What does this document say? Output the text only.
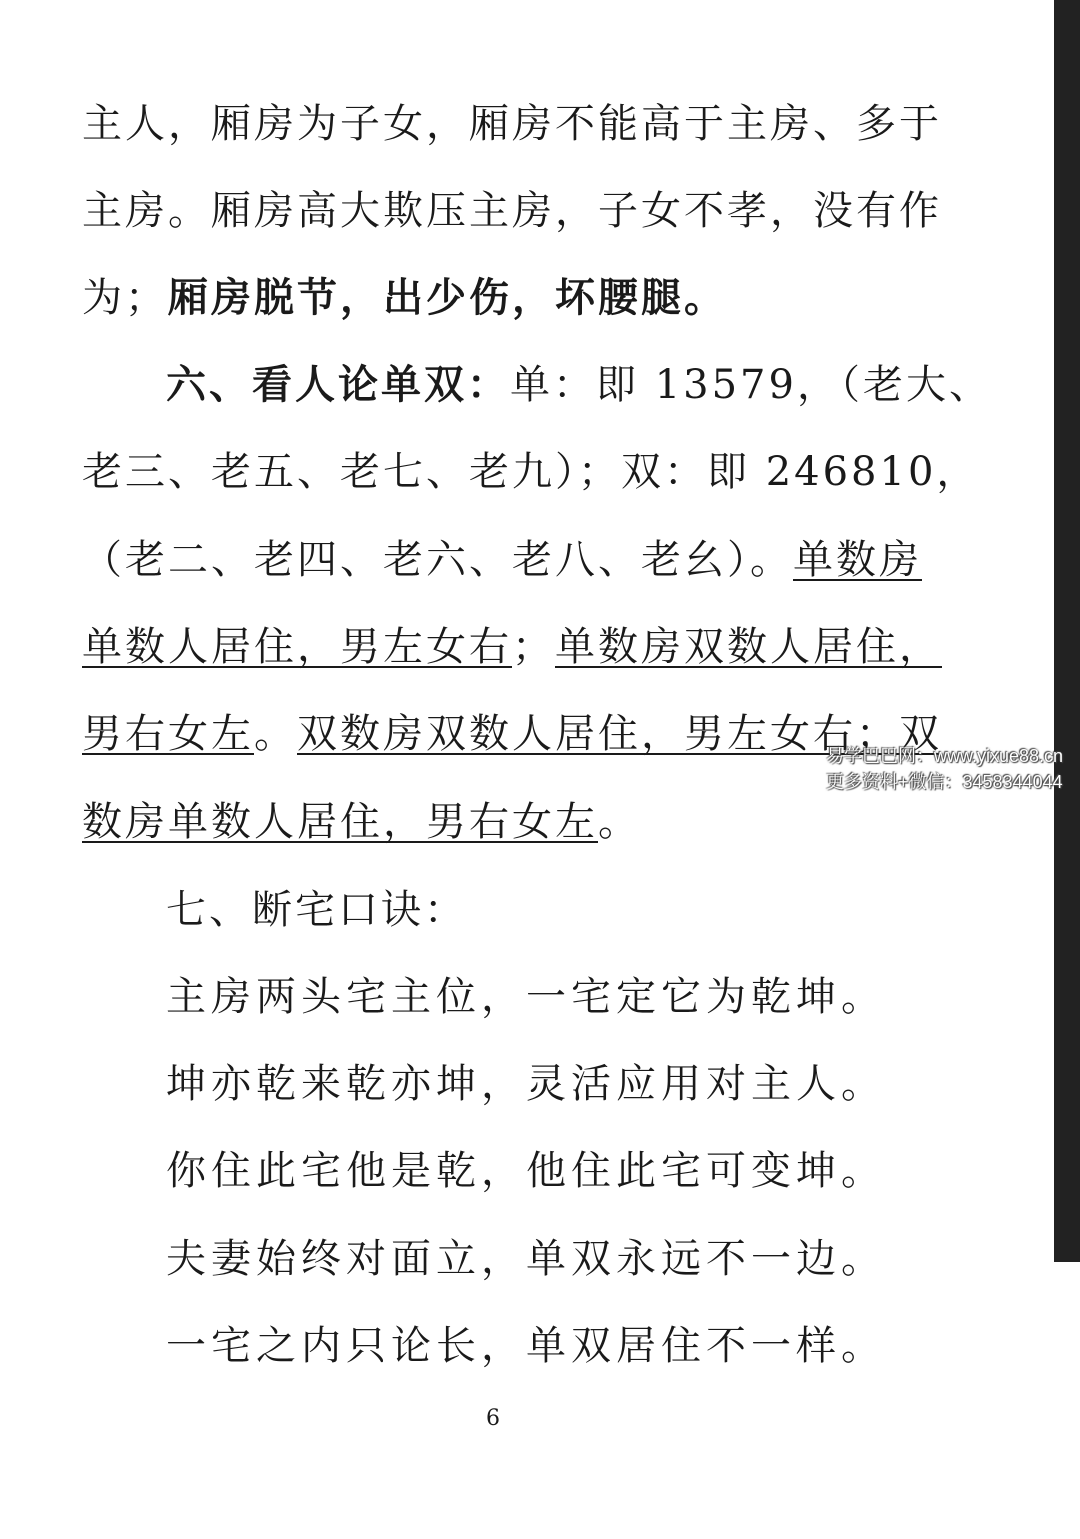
主人，厢房为子女，厢房不能高于主房、多于
主房。厢房高大欺压主房，子女不孝，没有作
为；厢房脱节，出少伤，坏腰腿。
六、看人论单双：单：即 13579，（老大、
老三、老五、老七、老九）；双：即 246810，
（老二、老四、老六、老八、老幺）。单数房
单数人居住，男左女右；单数房双数人居住，
男右女左。双数房双数人居住，男左女右；双
数房单数人居住，男右女左。
七、断宅口诀：
主房两头宅主位，一宅定它为乾坤。
坤亦乾来乾亦坤，灵活应用对主人。
你住此宅他是乾，他住此宅可变坤。
夫妻始终对面立，单双永远不一边。
一宅之内只论长，单双居住不一样。
6
易学巴巴网：www.yixue88.cn
更多资料+微信：3458344044
